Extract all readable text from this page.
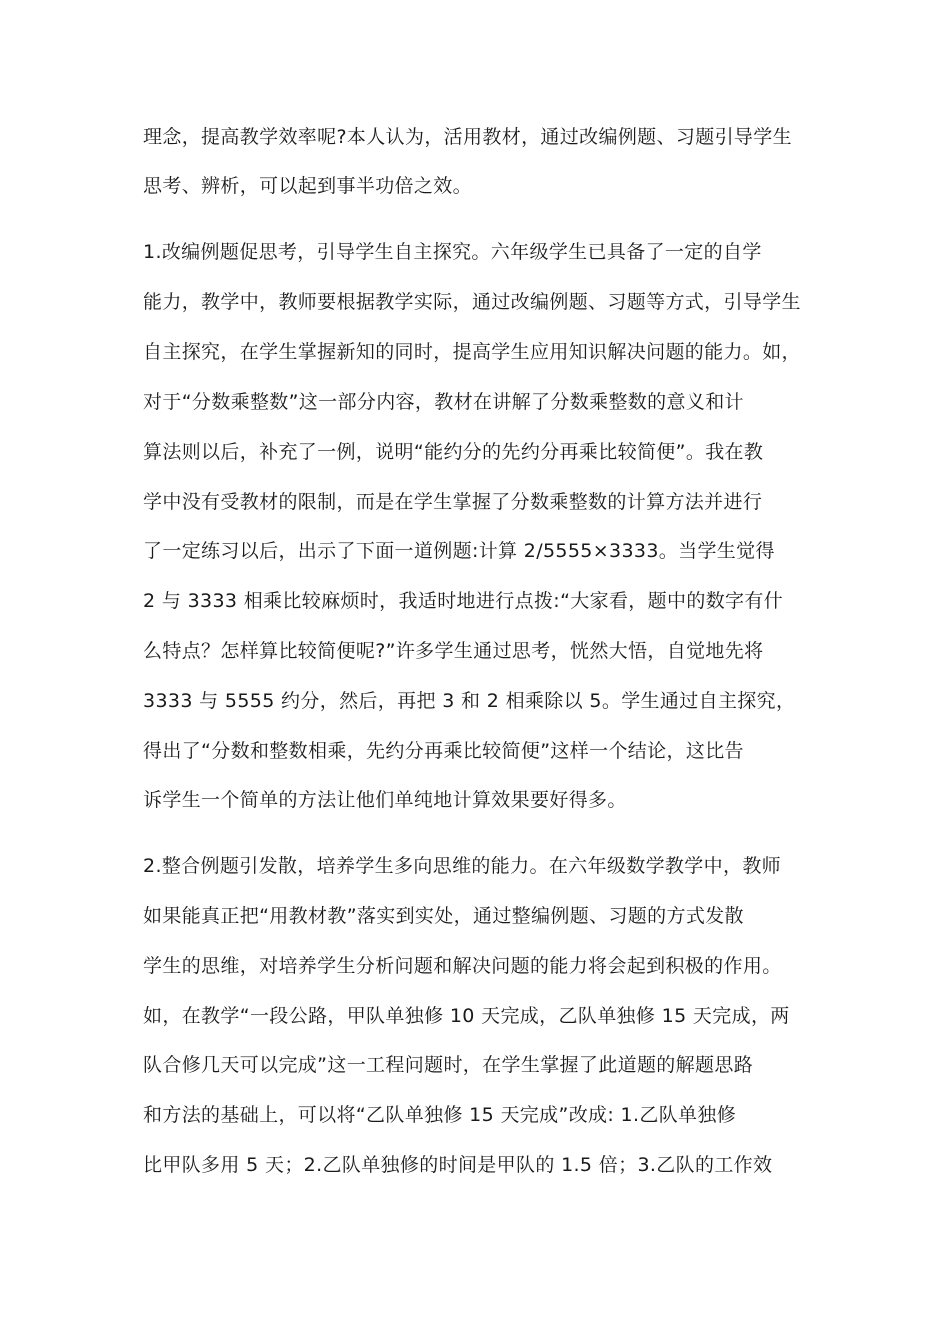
理念，提高教学效率呢?本人认为，活用教材，通过改编例题、习题引导学生
思考、辨析，可以起到事半功倍之效。
1.改编例题促思考，引导学生自主探究。六年级学生已具备了一定的自学
能力，教学中，教师要根据教学实际，通过改编例题、习题等方式，引导学生
自主探究，在学生掌握新知的同时，提高学生应用知识解决问题的能力。如，
对于“分数乘整数”这一部分内容，教材在讲解了分数乘整数的意义和计
算法则以后，补充了一例，说明“能约分的先约分再乘比较简便”。我在教
学中没有受教材的限制，而是在学生掌握了分数乘整数的计算方法并进行
了一定练习以后，出示了下面一道例题:计算 2/5555×3333。当学生觉得
2 与 3333 相乘比较麻烦时，我适时地进行点拨:“大家看，题中的数字有什
么特点？怎样算比较简便呢?”许多学生通过思考，恍然大悟，自觉地先将
3333 与 5555 约分，然后，再把 3 和 2 相乘除以 5。学生通过自主探究，
得出了“分数和整数相乘，先约分再乘比较简便”这样一个结论，这比告
诉学生一个简单的方法让他们单纯地计算效果要好得多。
2.整合例题引发散，培养学生多向思维的能力。在六年级数学教学中，教师
如果能真正把“用教材教”落实到实处，通过整编例题、习题的方式发散
学生的思维，对培养学生分析问题和解决问题的能力将会起到积极的作用。
如，在教学“一段公路，甲队单独修 10 天完成，乙队单独修 15 天完成，两
队合修几天可以完成”这一工程问题时，在学生掌握了此道题的解题思路
和方法的基础上，可以将“乙队单独修 15 天完成”改成: 1.乙队单独修
比甲队多用 5 天；2.乙队单独修的时间是甲队的 1.5 倍；3.乙队的工作效
